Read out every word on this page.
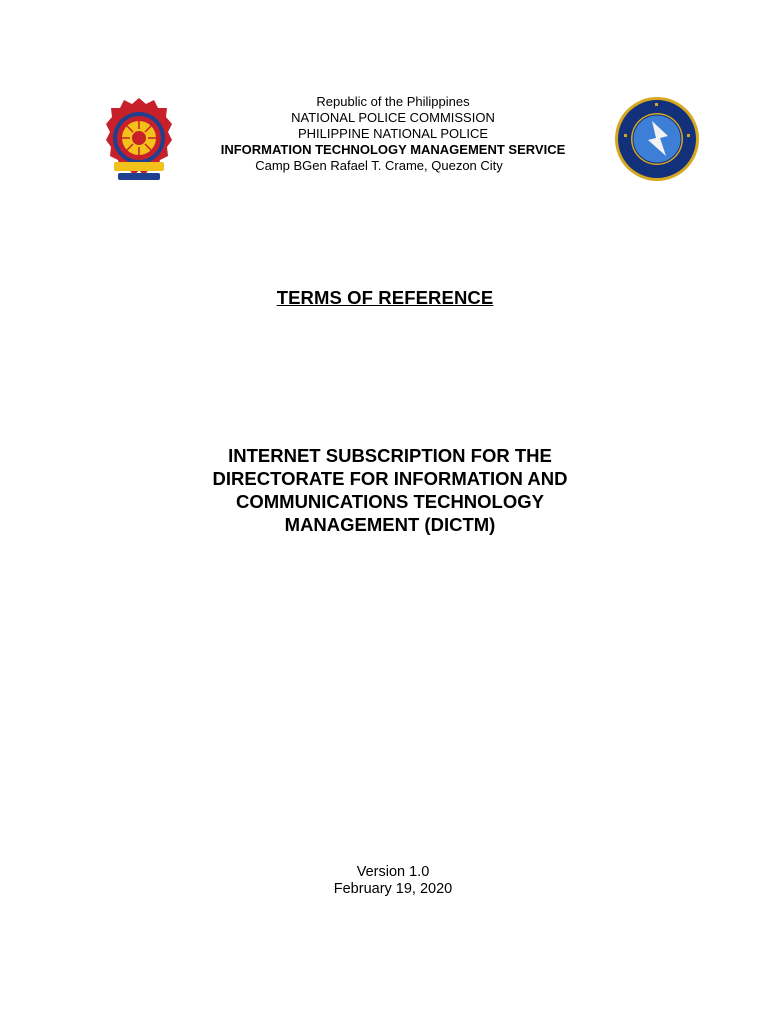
Republic of the Philippines
NATIONAL POLICE COMMISSION
PHILIPPINE NATIONAL POLICE
INFORMATION TECHNOLOGY MANAGEMENT SERVICE
Camp BGen Rafael T. Crame, Quezon City
TERMS OF REFERENCE
INTERNET SUBSCRIPTION FOR THE
DIRECTORATE FOR INFORMATION AND
COMMUNICATIONS TECHNOLOGY
MANAGEMENT (DICTM)
Version 1.0
February 19, 2020
